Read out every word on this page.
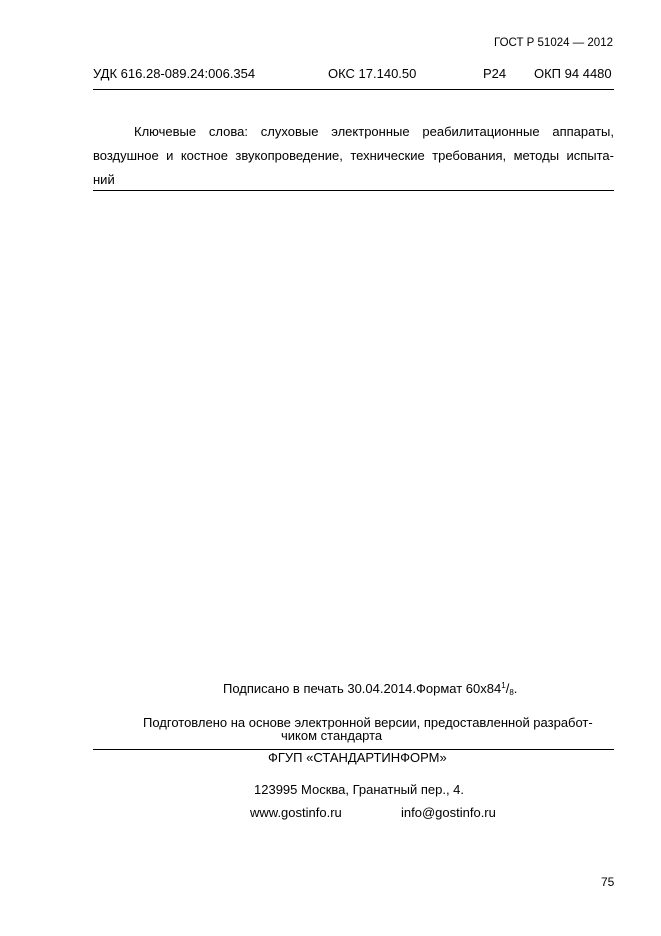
ГОСТ Р 51024 — 2012
УДК 616.28-089.24:006.354	ОКС 17.140.50	Р24 ОКП 94 4480
Ключевые слова: слуховые электронные реабилитационные аппараты,
воздушное и костное звукопроведение, технические требования, методы испыта-
ний
Подписано в печать 30.04.2014.Формат $60х84^1/_8$.
Подготовлено на основе электронной версии, предоставленной разработ-
чиком стандарта
ФГУП «СТАНДАРТИНФОРМ»
123995 Москва, Гранатный пер., 4.
www.gostinfo.ru	info@gostinfo.ru
75
